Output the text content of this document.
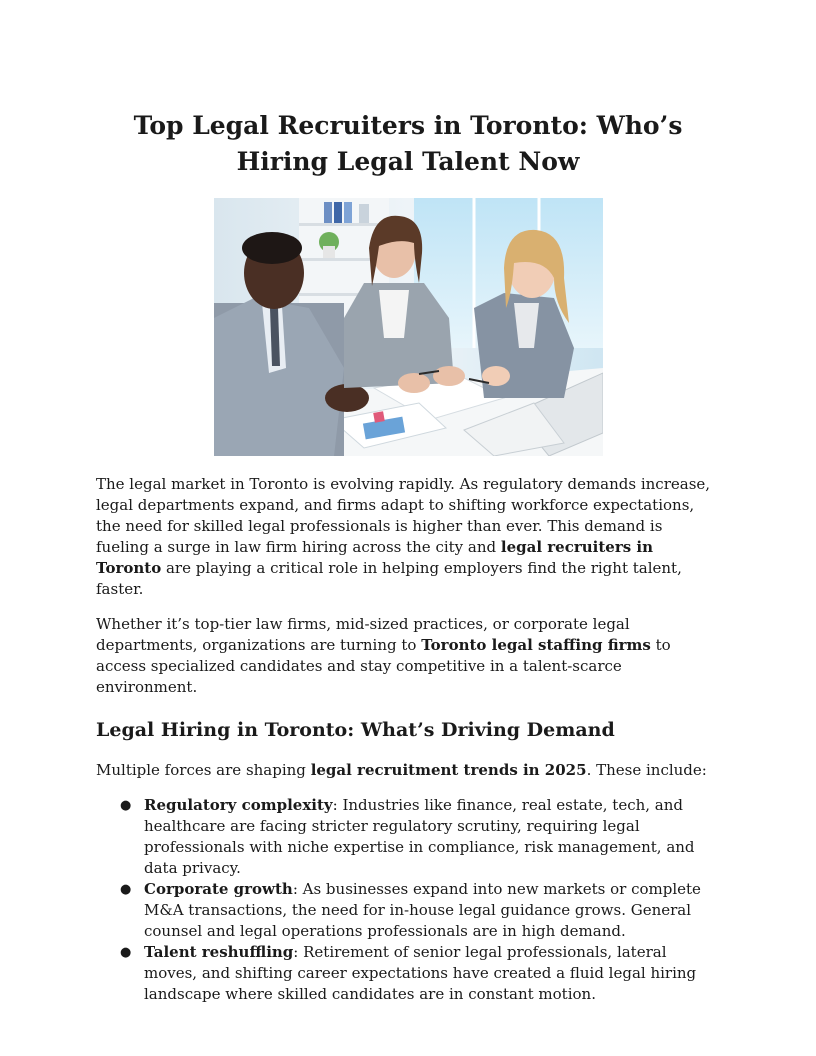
Top Legal Recruiters in Toronto: Who’s
Hiring Legal Talent Now

The legal market in Toronto is evolving rapidly. As regulatory demands increase, legal departments expand, and firms adapt to shifting workforce expectations, the need for skilled legal professionals is higher than ever. This demand is fueling a surge in law firm hiring across the city and legal recruiters in Toronto are playing a critical role in helping employers find the right talent, faster.

Whether it’s top-tier law firms, mid-sized practices, or corporate legal departments, organizations are turning to Toronto legal staffing firms to access specialized candidates and stay competitive in a talent-scarce environment.

Legal Hiring in Toronto: What’s Driving Demand

Multiple forces are shaping legal recruitment trends in 2025. These include:

● Regulatory complexity: Industries like finance, real estate, tech, and healthcare are facing stricter regulatory scrutiny, requiring legal professionals with niche expertise in compliance, risk management, and data privacy.
● Corporate growth: As businesses expand into new markets or complete M&A transactions, the need for in-house legal guidance grows. General counsel and legal operations professionals are in high demand.
● Talent reshuffling: Retirement of senior legal professionals, lateral moves, and shifting career expectations have created a fluid legal hiring landscape where skilled candidates are in constant motion.
